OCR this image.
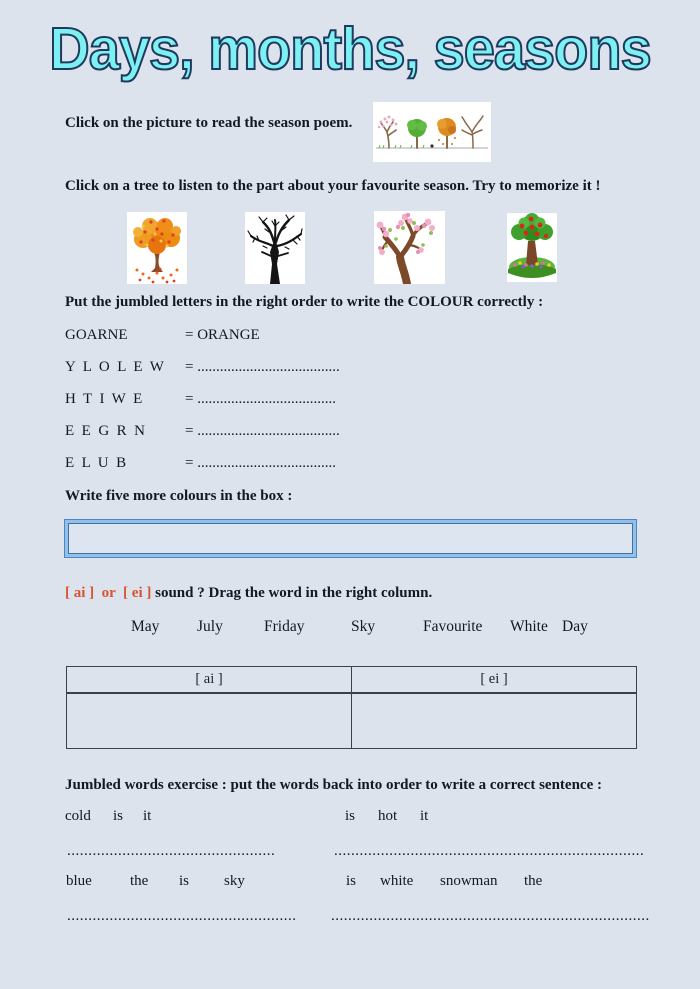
Days, months, seasons
Click on the picture to read the season poem.
Click on a tree to listen to the part about your favourite season. Try to memorize it !
Put the jumbled letters in the right order to write the COLOUR correctly :
GOARNE	= ORANGE
Y  L  O  L  E  W = ......................................
H  T  I  W  E	= .....................................
E  E  G  R  N	= ......................................
E  L  U  B	= .....................................
Write five more colours in the box :
[ ai ]  or  [ ei ] sound ? Drag the word in the right column.
May July	Friday	Sky	Favourite White Day
[ ai ]	[ ei ]

Jumbled words exercise : put the words back into order to write a correct sentence :
cold is it	is hot it
.................................................	.........................................................................
blue	the is sky	is white snowman the
...................................................... ...........................................................................
